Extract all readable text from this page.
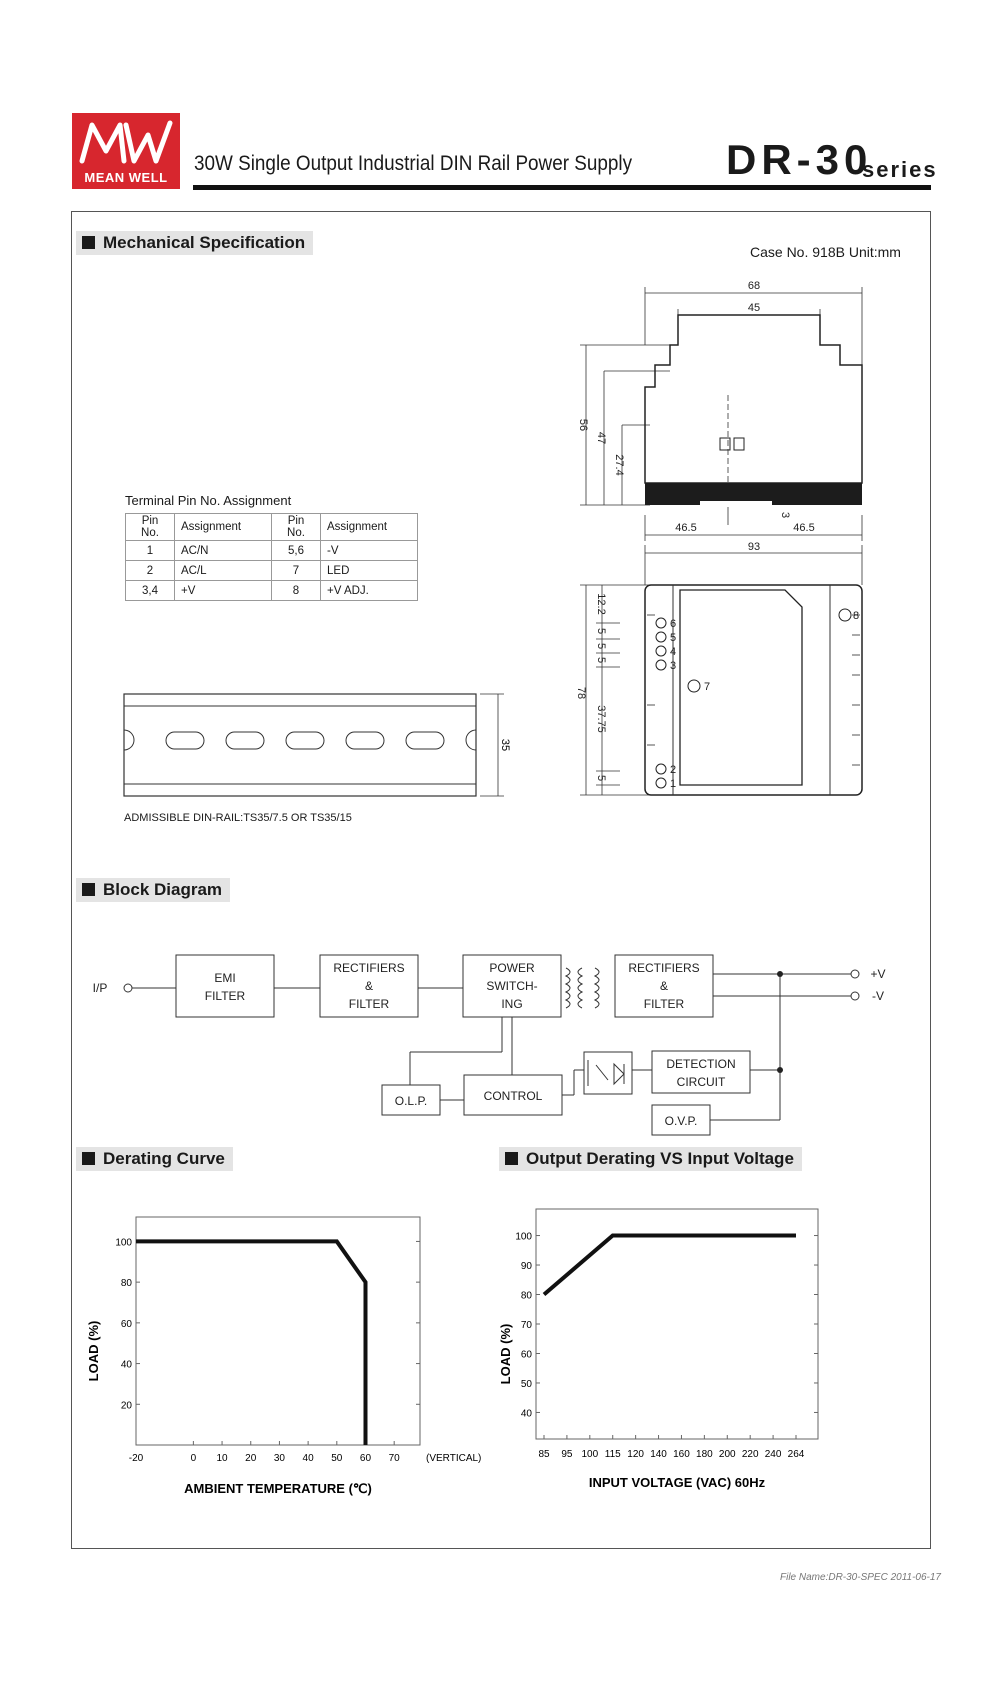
MEAN WELL
30W Single Output Industrial DIN Rail Power Supply DR-30
series
Mechanical Specification
Block Diagram
Derating Curve	Output Derating VS Input Voltage
Case No. 918B Unit:mm
Terminal Pin No. Assignment
Pin No.	Assignment	Pin No.	Assignment
1	AC/N	5,6	-V
2	AC/L	7	LED
3,4	+V	8	+V ADJ.
35
ADMISSIBLE DIN-RAIL:TS35/7.5 OR TS35/15
68
45
56
47
27.4
3
46.5	46.5
93
78
12.2
5
5
5
37.75
5
6
5
4
3
7
2
1
8
I/P
+V
-V
EMI
FILTER
RECTIFIERS
&
FILTER
POWER
SWITCH-
ING
RECTIFIERS
&
FILTER
DETECTION
CIRCUIT
O.L.P.	CONTROL
O.V.P.
20
40
60
80
100
-20	0 10 20 30 40 50 60 70	(VERTICAL)
AMBIENT TEMPERATURE (℃)
LOAD (%)
40
50
60
70
80
90
100
85 95 100 115 120 140 160 180 200 220 240 264
INPUT VOLTAGE (VAC) 60Hz
LOAD (%)
File Name:DR-30-SPEC 2011-06-17
